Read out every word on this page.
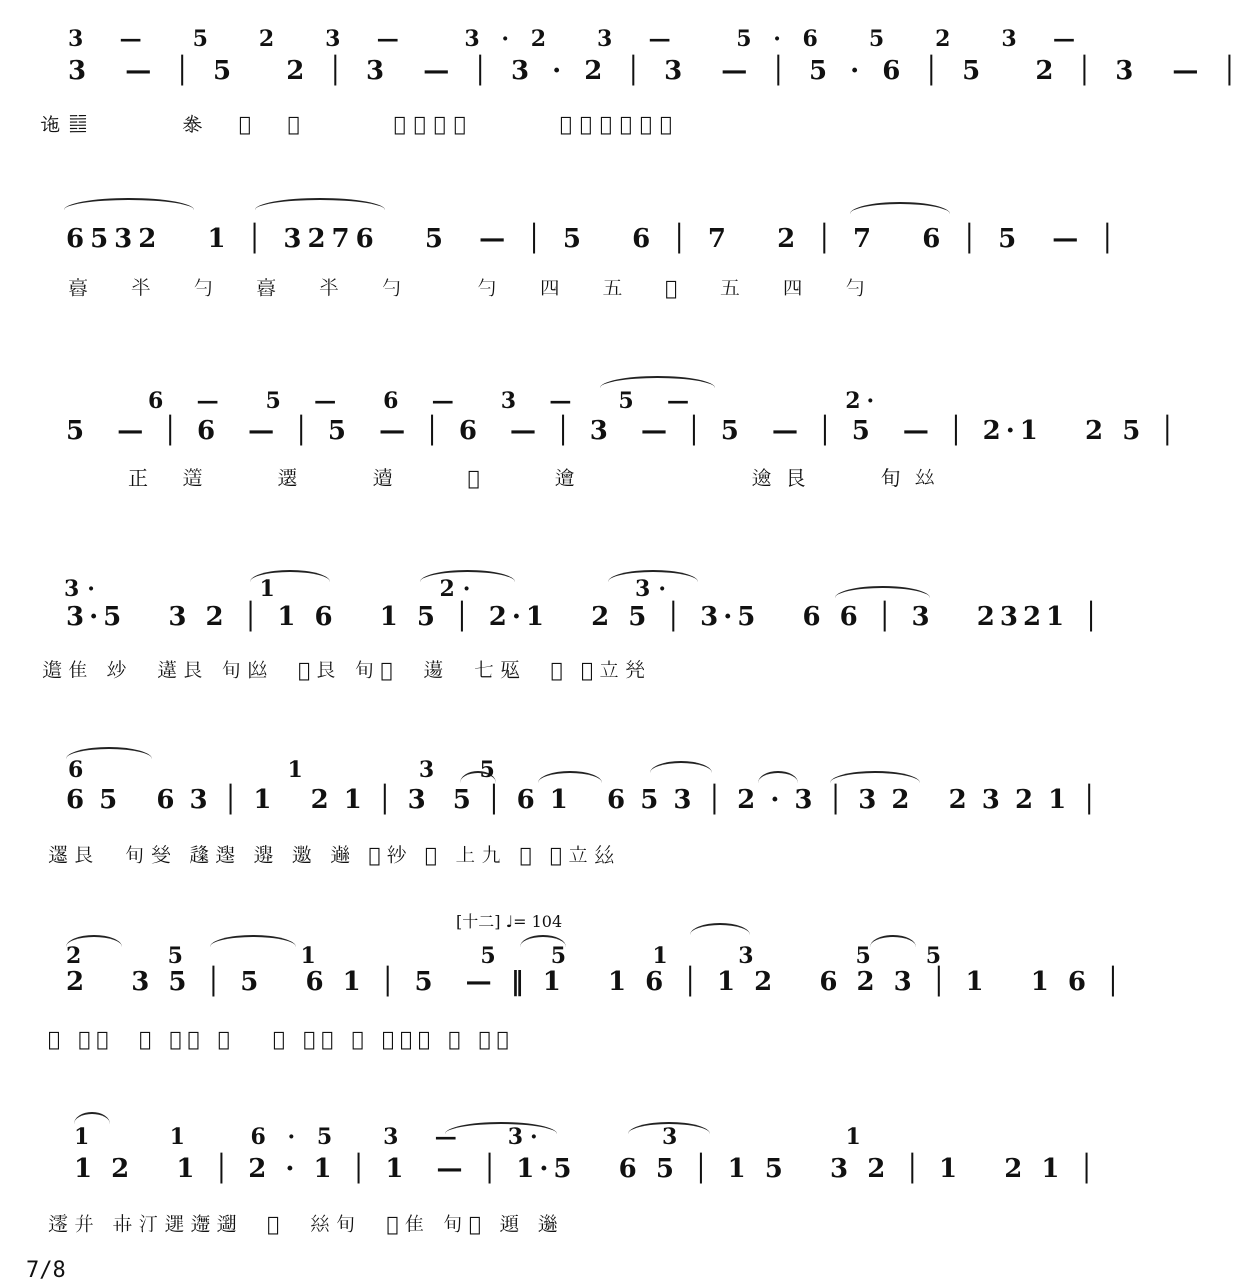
3  —   5   2   3  —    3 · 2   3  —    5 · 6   5   2   3  —
3  — │ 5   2 │ 3  — │ 3 · 2 │ 3  — │ 5 · 6 │ 5   2 │ 3  — │
𫍟䷾      𣳾  𤅂  𥁆      𧤌𥧗𦇷𩢼      𪆘𢮛𣿸𪆞𩟣𨗆
6532   1 │ 3276   5  — │ 5   6 │ 7   2 │ 7   6 │ 5  — │
𠆌  𠦂  勺  𠆌  𠦂  勺    勺  四  五  𠫤  五  四  勺
6  —   5  —   6  —   3  —   5  —           2·
5  — │ 6  — │ 5  — │ 6  — │ 3  — │ 5  — │ 5  — │ 2·1   2 5 │
正 𨗡   𨗢   𨗣   𨗤   𨗥        𨗦艮   旬𢆶
3·          1          2·          3·
3·5   3 2 │ 1 6   1 5 │ 2·1   2 5 │ 3·5   6 6 │ 3   2321 │
𨗧隹 𢆷  𨗨艮 旬𢆸  𨗩艮 旬𢆹  𨗪  七𢆺  𠫤 𠫤立𢆻
6           1      3  5
6 5   6 3 │ 1   2 1 │ 3  5 │ 6 1   6 5 3 │ 2 · 3 │ 3 2   2 3 2 1 │
𨗫艮  旬𢆼 𨗬𨗭 𨗮 𨗯 𨗰 𠫤𢆽 𨗱 上九 𨗲 𠫤立𢆾
[十二] ♩= 104
2     5       1          5   5     1    3      5   5
2   3 5 │ 5   6 1 │ 5  — ‖ 1   1 6 │ 1 2   6 2 3 │ 1   1 6 │
𨗳 七𢆿  𨗴 七𢇀 𨗵   𨗶 𠦃𢇁 𨗷 𨗸艮旬 𨗹 𠦃𢇂
1     1    6 · 5   3  —   3·        3           1
1 2   1 │ 2 · 1 │ 1  — │ 1·5   6 5 │ 1 5   3 2 │ 1   2 1 │
𨗺并 𠦃汀𨗻𨗼𨗽  𨗾  𢇃旬  𨗿隹 旬𢇄 𨘀 𨘁
7/8
